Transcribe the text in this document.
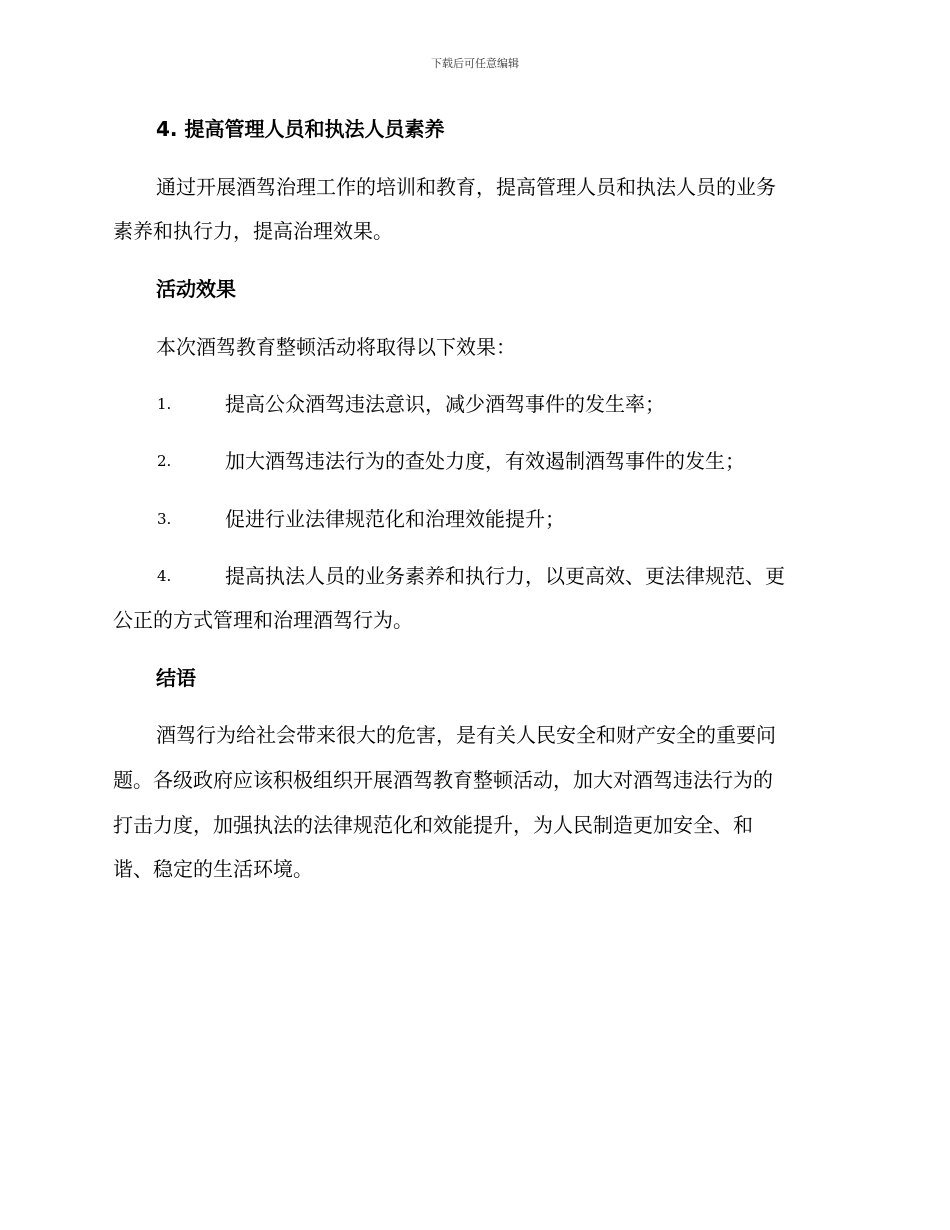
下载后可任意编辑
4. 提高管理人员和执法人员素养
通过开展酒驾治理工作的培训和教育，提高管理人员和执法人员的业务
素养和执行力，提高治理效果。
活动效果
本次酒驾教育整顿活动将取得以下效果：
1.	提高公众酒驾违法意识，减少酒驾事件的发生率；
2.	加大酒驾违法行为的查处力度，有效遏制酒驾事件的发生；
3.	促进行业法律规范化和治理效能提升；
4.	提高执法人员的业务素养和执行力，以更高效、更法律规范、更
公正的方式管理和治理酒驾行为。
结语
酒驾行为给社会带来很大的危害，是有关人民安全和财产安全的重要问
题。各级政府应该积极组织开展酒驾教育整顿活动，加大对酒驾违法行为的
打击力度，加强执法的法律规范化和效能提升，为人民制造更加安全、和
谐、稳定的生活环境。
